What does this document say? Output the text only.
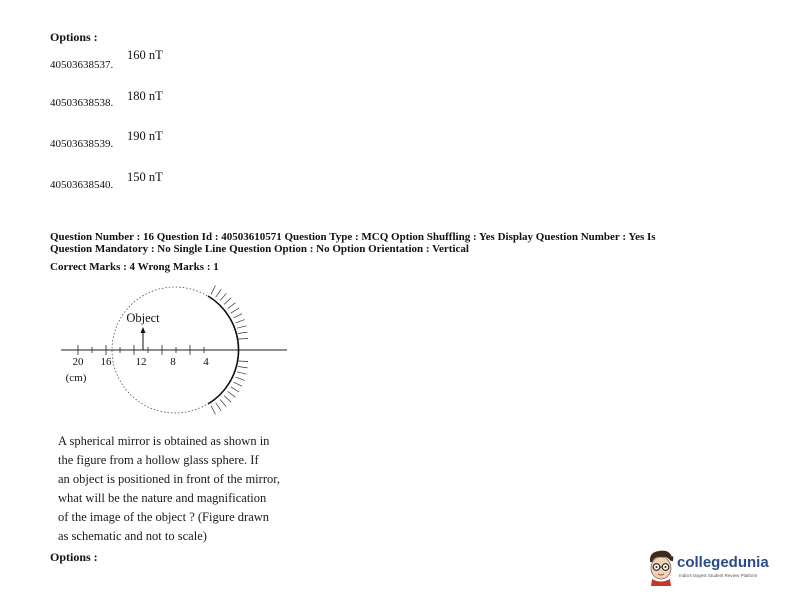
Options :
40503638537.
160 nT
40503638538. 180 nT
40503638539.
190 nT
40503638540.
150 nT
Question Number : 16 Question Id : 40503610571 Question Type : MCQ Option Shuffling : Yes Display Question Number : Yes Is
Question Mandatory : No Single Line Question Option : No Option Orientation : Vertical
Correct Marks : 4 Wrong Marks : 1
Object
20 16 12 8	4
(cm)
A spherical mirror is obtained as shown in
the figure from a hollow glass sphere. If
an object is positioned in front of the mirror,
what will be the nature and magnification
of the image of the object ? (Figure drawn
as schematic and not to scale)
Options :	collegedunia
India's largest Student Review Platform
